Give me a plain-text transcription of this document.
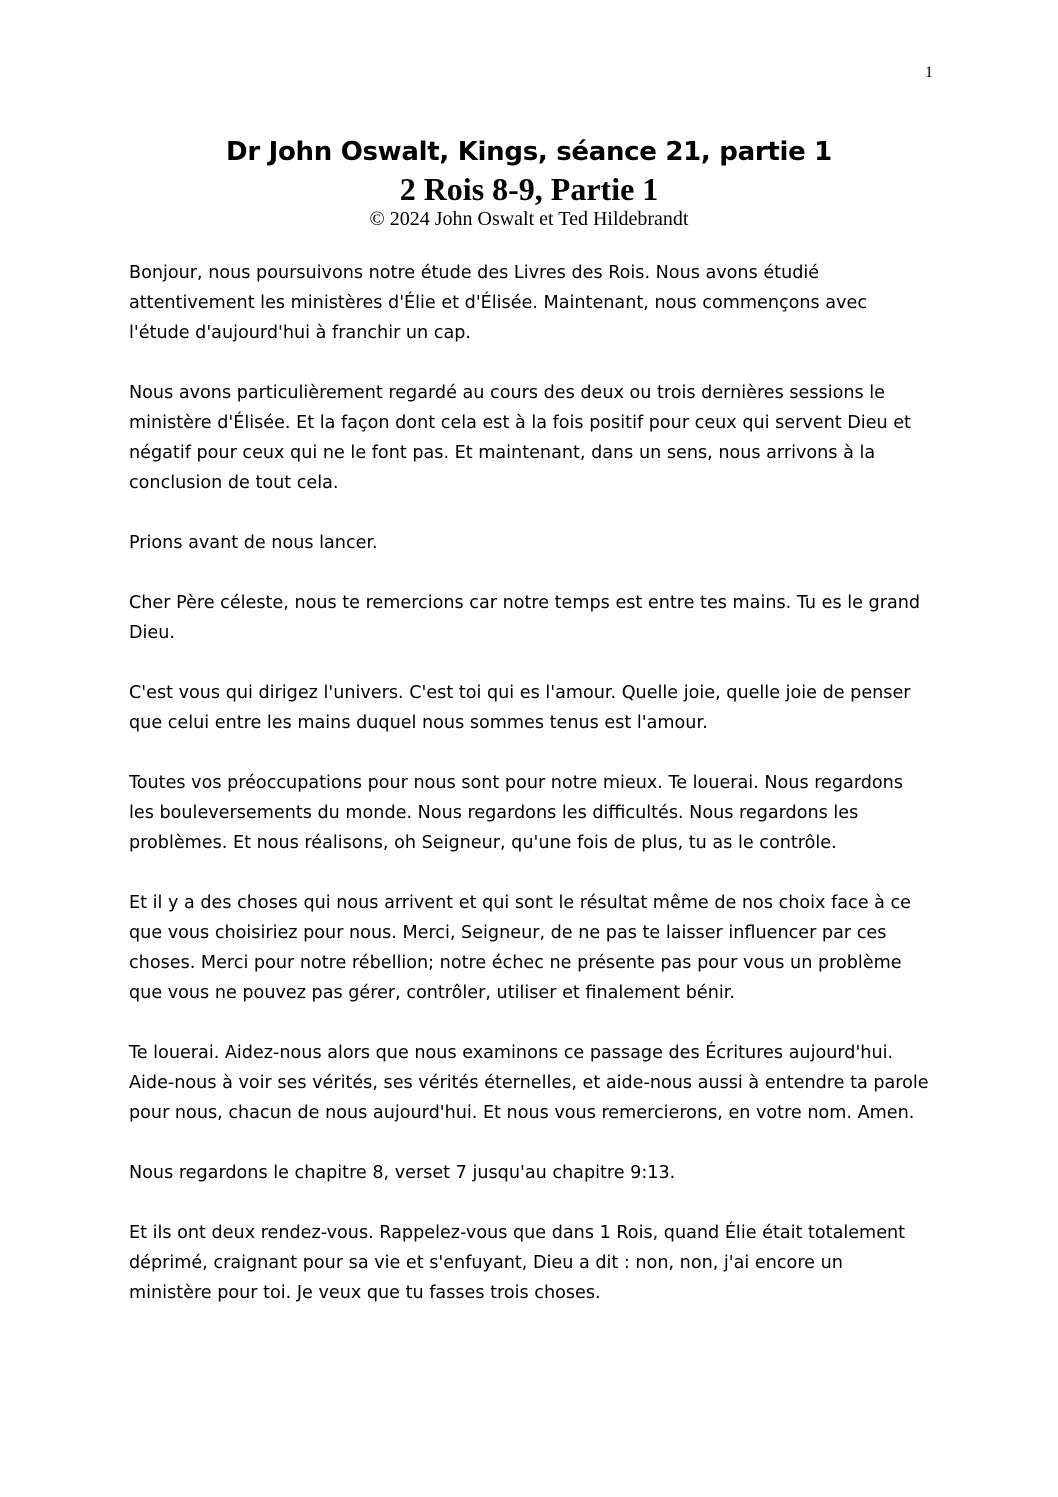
1
Dr John Oswalt, Kings, séance 21, partie 1
2 Rois 8-9, Partie 1
© 2024 John Oswalt et Ted Hildebrandt

Bonjour, nous poursuivons notre étude des Livres des Rois. Nous avons étudié attentivement les ministères d'Élie et d'Élisée. Maintenant, nous commençons avec l'étude d'aujourd'hui à franchir un cap.

Nous avons particulièrement regardé au cours des deux ou trois dernières sessions le ministère d'Élisée. Et la façon dont cela est à la fois positif pour ceux qui servent Dieu et négatif pour ceux qui ne le font pas. Et maintenant, dans un sens, nous arrivons à la conclusion de tout cela.

Prions avant de nous lancer.

Cher Père céleste, nous te remercions car notre temps est entre tes mains. Tu es le grand Dieu.

C'est vous qui dirigez l'univers. C'est toi qui es l'amour. Quelle joie, quelle joie de penser que celui entre les mains duquel nous sommes tenus est l'amour.

Toutes vos préoccupations pour nous sont pour notre mieux. Te louerai. Nous regardons les bouleversements du monde. Nous regardons les difficultés. Nous regardons les problèmes. Et nous réalisons, oh Seigneur, qu'une fois de plus, tu as le contrôle.

Et il y a des choses qui nous arrivent et qui sont le résultat même de nos choix face à ce que vous choisiriez pour nous. Merci, Seigneur, de ne pas te laisser influencer par ces choses. Merci pour notre rébellion; notre échec ne présente pas pour vous un problème que vous ne pouvez pas gérer, contrôler, utiliser et finalement bénir.

Te louerai. Aidez-nous alors que nous examinons ce passage des Écritures aujourd'hui. Aide-nous à voir ses vérités, ses vérités éternelles, et aide-nous aussi à entendre ta parole pour nous, chacun de nous aujourd'hui. Et nous vous remercierons, en votre nom. Amen.

Nous regardons le chapitre 8, verset 7 jusqu'au chapitre 9:13.

Et ils ont deux rendez-vous. Rappelez-vous que dans 1 Rois, quand Élie était totalement déprimé, craignant pour sa vie et s'enfuyant, Dieu a dit : non, non, j'ai encore un ministère pour toi. Je veux que tu fasses trois choses.
